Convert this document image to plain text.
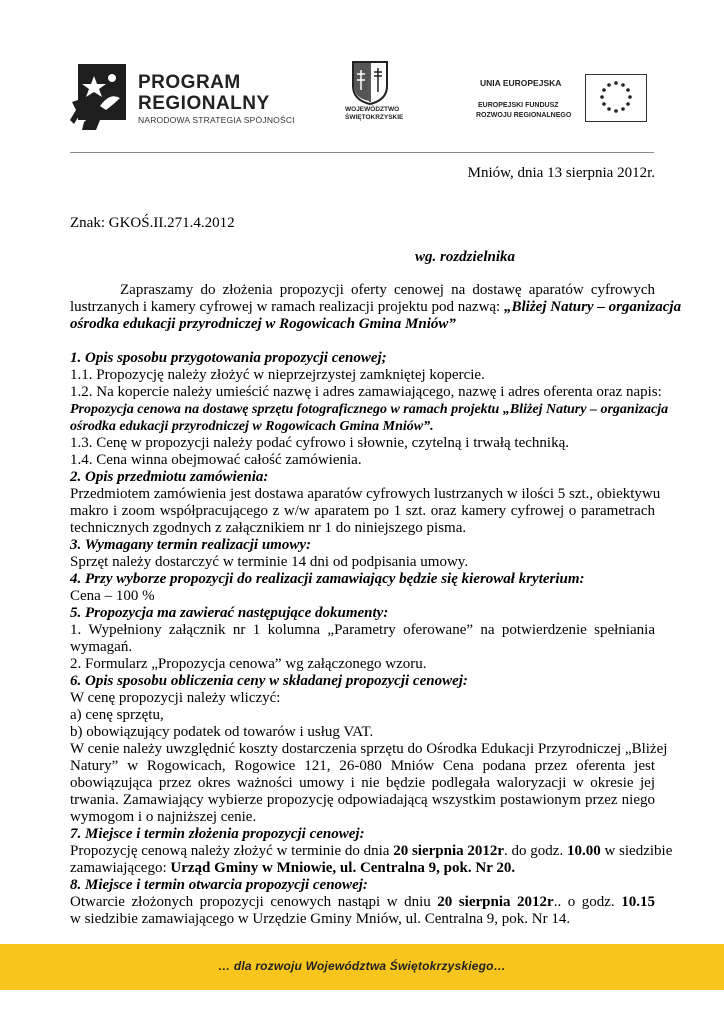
PROGRAM
REGIONALNY
NARODOWA STRATEGIA SPÓJNOŚCI
WOJEWÓDZTWO
ŚWIĘTOKRZYSKIE
UNIA EUROPEJSKA
EUROPEJSKI FUNDUSZ
ROZWOJU REGIONALNEGO
Mniów, dnia 13 sierpnia 2012r.
Znak: GKOŚ.II.271.4.2012
wg. rozdzielnika
Zapraszamy do złożenia propozycji oferty cenowej na dostawę aparatów cyfrowych
lustrzanych i kamery cyfrowej w ramach realizacji projektu pod nazwą: „Bliżej Natury – organizacja
ośrodka edukacji przyrodniczej w Rogowicach Gmina Mniów”
1. Opis sposobu przygotowania propozycji cenowej;
1.1. Propozycję należy złożyć w nieprzejrzystej zamkniętej kopercie.
1.2. Na kopercie należy umieścić nazwę i adres zamawiającego, nazwę i adres oferenta oraz napis:
Propozycja cenowa na dostawę sprzętu fotograficznego w ramach projektu „Bliżej Natury – organizacja
ośrodka edukacji przyrodniczej w Rogowicach Gmina Mniów”.
1.3. Cenę w propozycji należy podać cyfrowo i słownie, czytelną i trwałą techniką.
1.4. Cena winna obejmować całość zamówienia.
2. Opis przedmiotu zamówienia:
Przedmiotem zamówienia jest dostawa aparatów cyfrowych lustrzanych w ilości 5 szt., obiektywu
makro i zoom współpracującego z w/w aparatem po 1 szt. oraz kamery cyfrowej o parametrach
technicznych zgodnych z załącznikiem nr 1 do niniejszego pisma.
3. Wymagany termin realizacji umowy:
Sprzęt należy dostarczyć w terminie 14 dni od podpisania umowy.
4. Przy wyborze propozycji do realizacji zamawiający będzie się kierował kryterium:
Cena – 100 %
5. Propozycja ma zawierać następujące dokumenty:
1. Wypełniony załącznik nr 1 kolumna „Parametry oferowane” na potwierdzenie spełniania
wymagań.
2. Formularz „Propozycja cenowa” wg załączonego wzoru.
6. Opis sposobu obliczenia ceny w składanej propozycji cenowej:
W cenę propozycji należy wliczyć:
a) cenę sprzętu,
b) obowiązujący podatek od towarów i usług VAT.
W cenie należy uwzględnić koszty dostarczenia sprzętu do Ośrodka Edukacji Przyrodniczej „Bliżej
Natury” w Rogowicach, Rogowice 121, 26-080 Mniów Cena podana przez oferenta jest
obowiązująca przez okres ważności umowy i nie będzie podlegała waloryzacji w okresie jej
trwania. Zamawiający wybierze propozycję odpowiadającą wszystkim postawionym przez niego
wymogom i o najniższej cenie.
7. Miejsce i termin złożenia propozycji cenowej:
Propozycję cenową należy złożyć w terminie do dnia 20 sierpnia 2012r. do godz. 10.00 w siedzibie
zamawiającego: Urząd Gminy w Mniowie, ul. Centralna 9, pok. Nr 20.
8. Miejsce i termin otwarcia propozycji cenowej:
Otwarcie złożonych propozycji cenowych nastąpi w dniu 20 sierpnia 2012r.. o godz. 10.15
w siedzibie zamawiającego w Urzędzie Gminy Mniów, ul. Centralna 9, pok. Nr 14.
… dla rozwoju Województwa Świętokrzyskiego…
